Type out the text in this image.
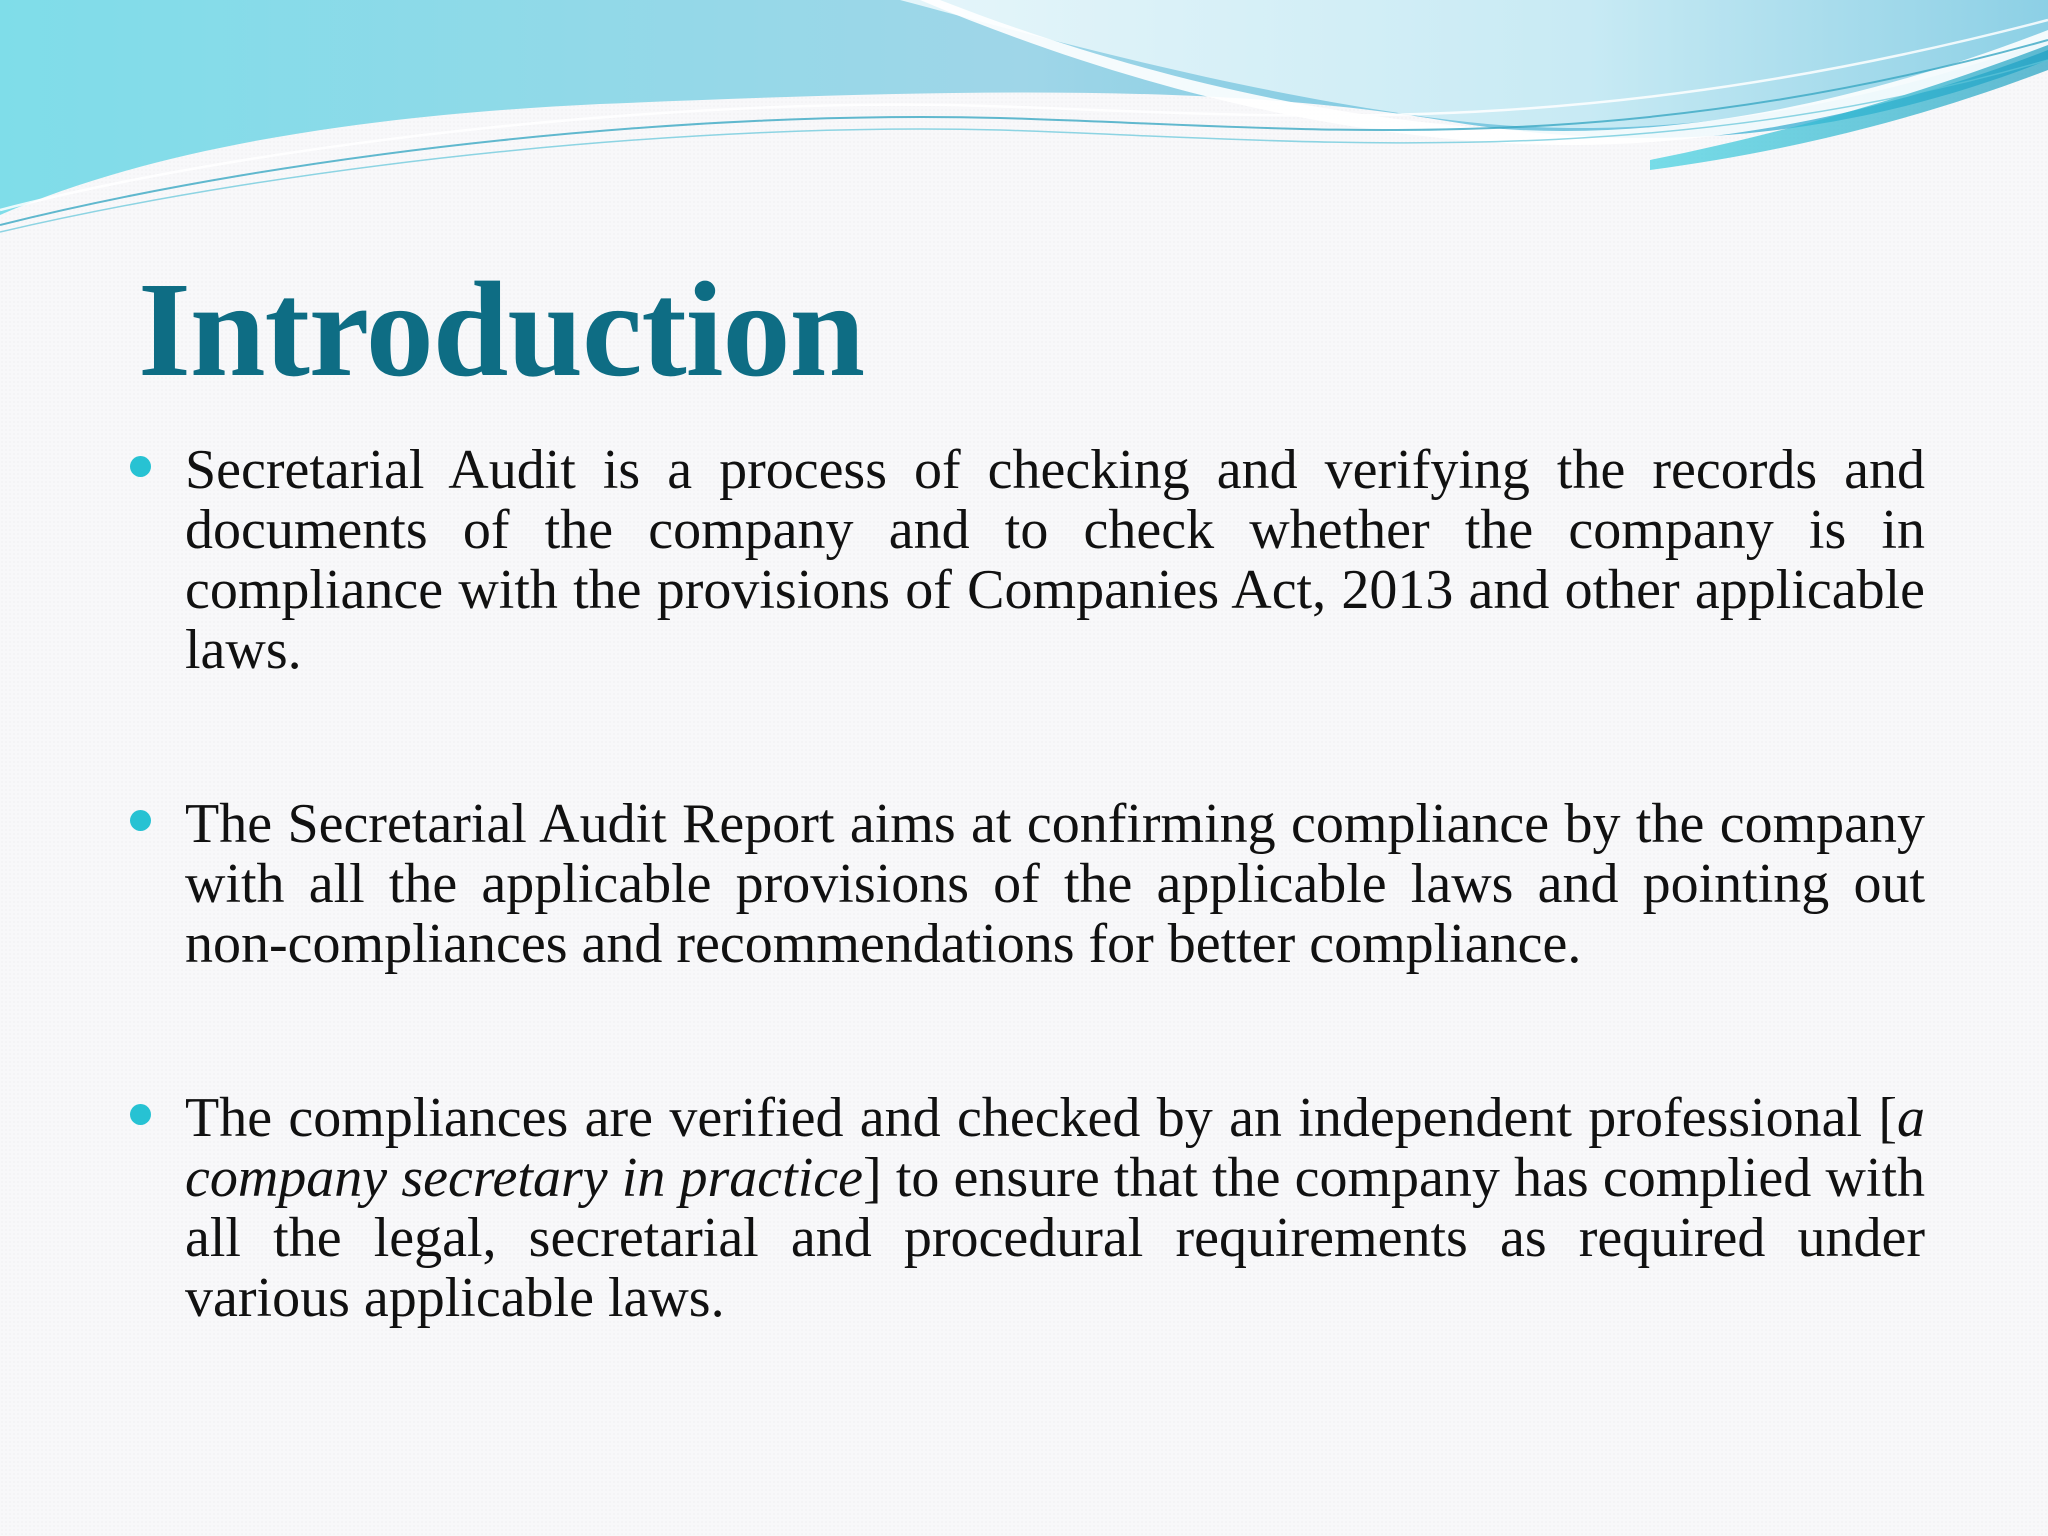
Introduction
Secretarial Audit is a process of checking and verifying the records and documents of the company and to check whether the company is in compliance with the provisions of Companies Act, 2013 and other applicable laws.
The Secretarial Audit Report aims at confirming compliance by the company with all the applicable provisions of the applicable laws and pointing out non-compliances and recommendations for better compliance.
The compliances are verified and checked by an independent professional [a company secretary in practice] to ensure that the company has complied with all the legal, secretarial and procedural requirements as required under various applicable laws.
